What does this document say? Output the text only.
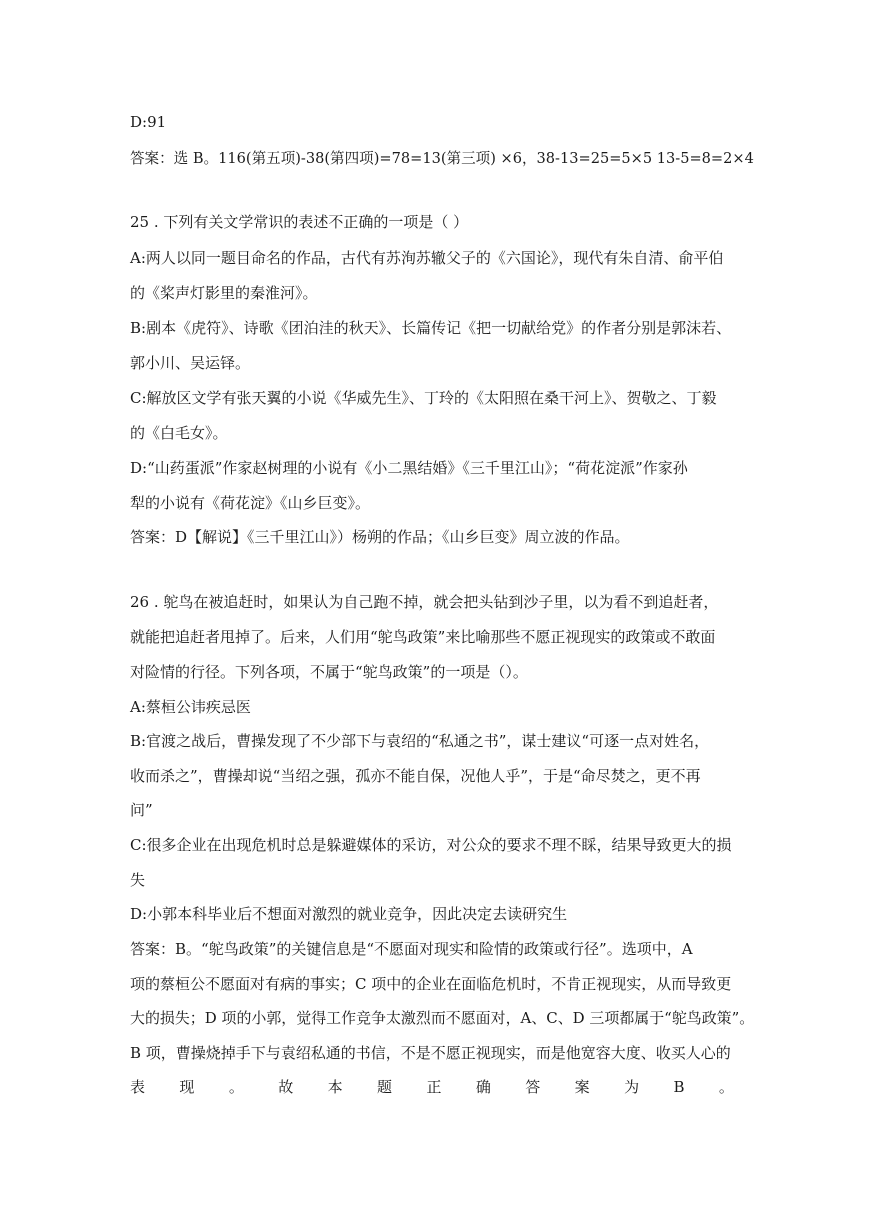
D:91
答案：选 B。116(第五项)-38(第四项)=78=13(第三项) ×6，38-13=25=5×5 13-5=8=2×4
25 . 下列有关文学常识的表述不正确的一项是（ ）
A:两人以同一题目命名的作品，古代有苏洵苏辙父子的《六国论》，现代有朱自清、俞平伯
的《桨声灯影里的秦淮河》。
B:剧本《虎符》、诗歌《团泊洼的秋天》、长篇传记《把一切献给党》的作者分别是郭沫若、
郭小川、吴运铎。
C:解放区文学有张天翼的小说《华威先生》、丁玲的《太阳照在桑干河上》、贺敬之、丁毅
的《白毛女》。
D:“山药蛋派”作家赵树理的小说有《小二黑结婚》《三千里江山》；“荷花淀派”作家孙
犁的小说有《荷花淀》《山乡巨变》。
答案：D【解说】《三千里江山》）杨朔的作品；《山乡巨变》周立波的作品。
26 . 鸵鸟在被追赶时，如果认为自己跑不掉，就会把头钻到沙子里，以为看不到追赶者，
就能把追赶者甩掉了。后来，人们用“鸵鸟政策”来比喻那些不愿正视现实的政策或不敢面
对险情的行径。下列各项，不属于“鸵鸟政策”的一项是（）。
A:蔡桓公讳疾忌医
B:官渡之战后，曹操发现了不少部下与袁绍的“私通之书”，谋士建议“可逐一点对姓名，
收而杀之”，曹操却说“当绍之强，孤亦不能自保，况他人乎”，于是“命尽焚之，更不再
问”
C:很多企业在出现危机时总是躲避媒体的采访，对公众的要求不理不睬，结果导致更大的损
失
D:小郭本科毕业后不想面对激烈的就业竞争，因此决定去读研究生
答案：B。“鸵鸟政策”的关键信息是“不愿面对现实和险情的政策或行径”。选项中，A
项的蔡桓公不愿面对有病的事实；C 项中的企业在面临危机时，不肯正视现实，从而导致更
大的损失；D 项的小郭，觉得工作竞争太激烈而不愿面对，A、C、D 三项都属于“鸵鸟政策”。
B 项，曹操烧掉手下与袁绍私通的书信，不是不愿正视现实，而是他宽容大度、收买人心的
表 现 。 故 本 题 正 确 答 案 为 B 。
